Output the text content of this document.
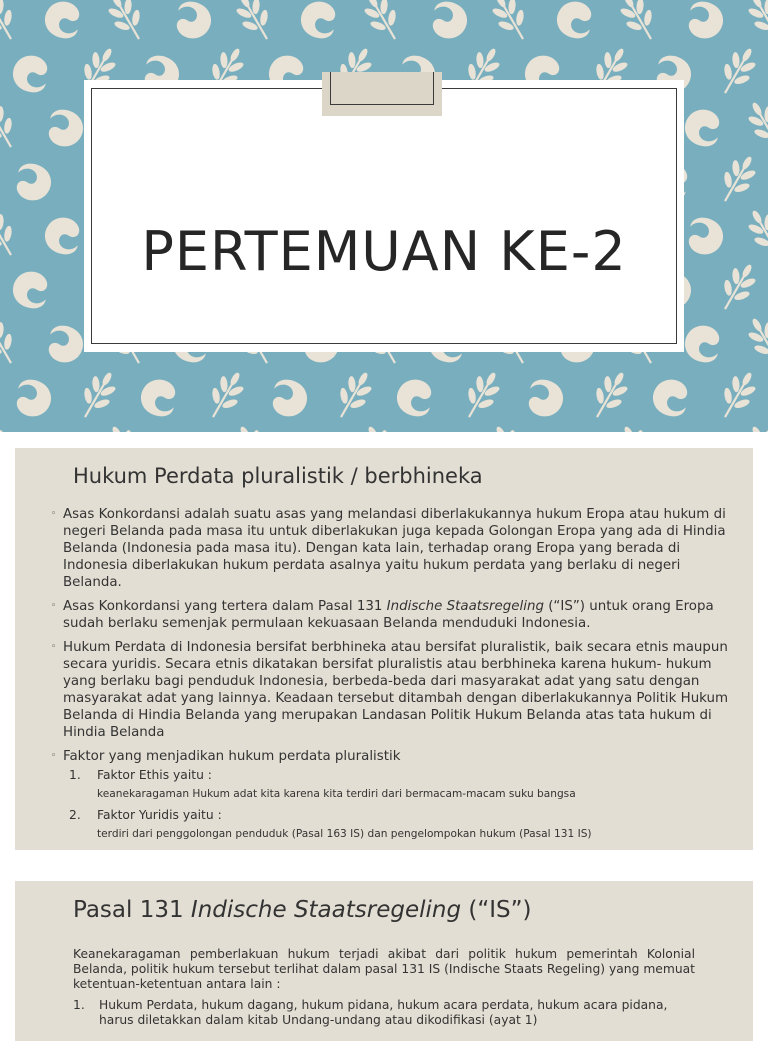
PERTEMUAN KE-2
Hukum Perdata pluralistik / berbhineka
◦ Asas Konkordansi adalah suatu asas yang melandasi diberlakukannya hukum Eropa atau hukum di negeri Belanda pada masa itu untuk diberlakukan juga kepada Golongan Eropa yang ada di Hindia Belanda (Indonesia pada masa itu). Dengan kata lain, terhadap orang Eropa yang berada di Indonesia diberlakukan hukum perdata asalnya yaitu hukum perdata yang berlaku di negeri Belanda.
◦ Asas Konkordansi yang tertera dalam Pasal 131 Indische Staatsregeling (“IS”) untuk orang Eropa sudah berlaku semenjak permulaan kekuasaan Belanda menduduki Indonesia.
◦ Hukum Perdata di Indonesia bersifat berbhineka atau bersifat pluralistik, baik secara etnis maupun secara yuridis. Secara etnis dikatakan bersifat pluralistis atau berbhineka karena hukum- hukum yang berlaku bagi penduduk Indonesia, berbeda-beda dari masyarakat adat yang satu dengan masyarakat adat yang lainnya. Keadaan tersebut ditambah dengan diberlakukannya Politik Hukum Belanda di Hindia Belanda yang merupakan Landasan Politik Hukum Belanda atas tata hukum di Hindia Belanda
◦ Faktor yang menjadikan hukum perdata pluralistik
1. Faktor Ethis yaitu :
keanekaragaman Hukum adat kita karena kita terdiri dari bermacam-macam suku bangsa
2. Faktor Yuridis yaitu :
terdiri dari penggolongan penduduk (Pasal 163 IS) dan pengelompokan hukum (Pasal 131 IS)
Pasal 131 Indische Staatsregeling (“IS”)
Keanekaragaman pemberlakuan hukum terjadi akibat dari politik hukum pemerintah Kolonial Belanda, politik hukum tersebut terlihat dalam pasal 131 IS (Indische Staats Regeling) yang memuat ketentuan-ketentuan antara lain :
1. Hukum Perdata, hukum dagang, hukum pidana, hukum acara perdata, hukum acara pidana, harus diletakkan dalam kitab Undang-undang atau dikodifikasi (ayat 1)
